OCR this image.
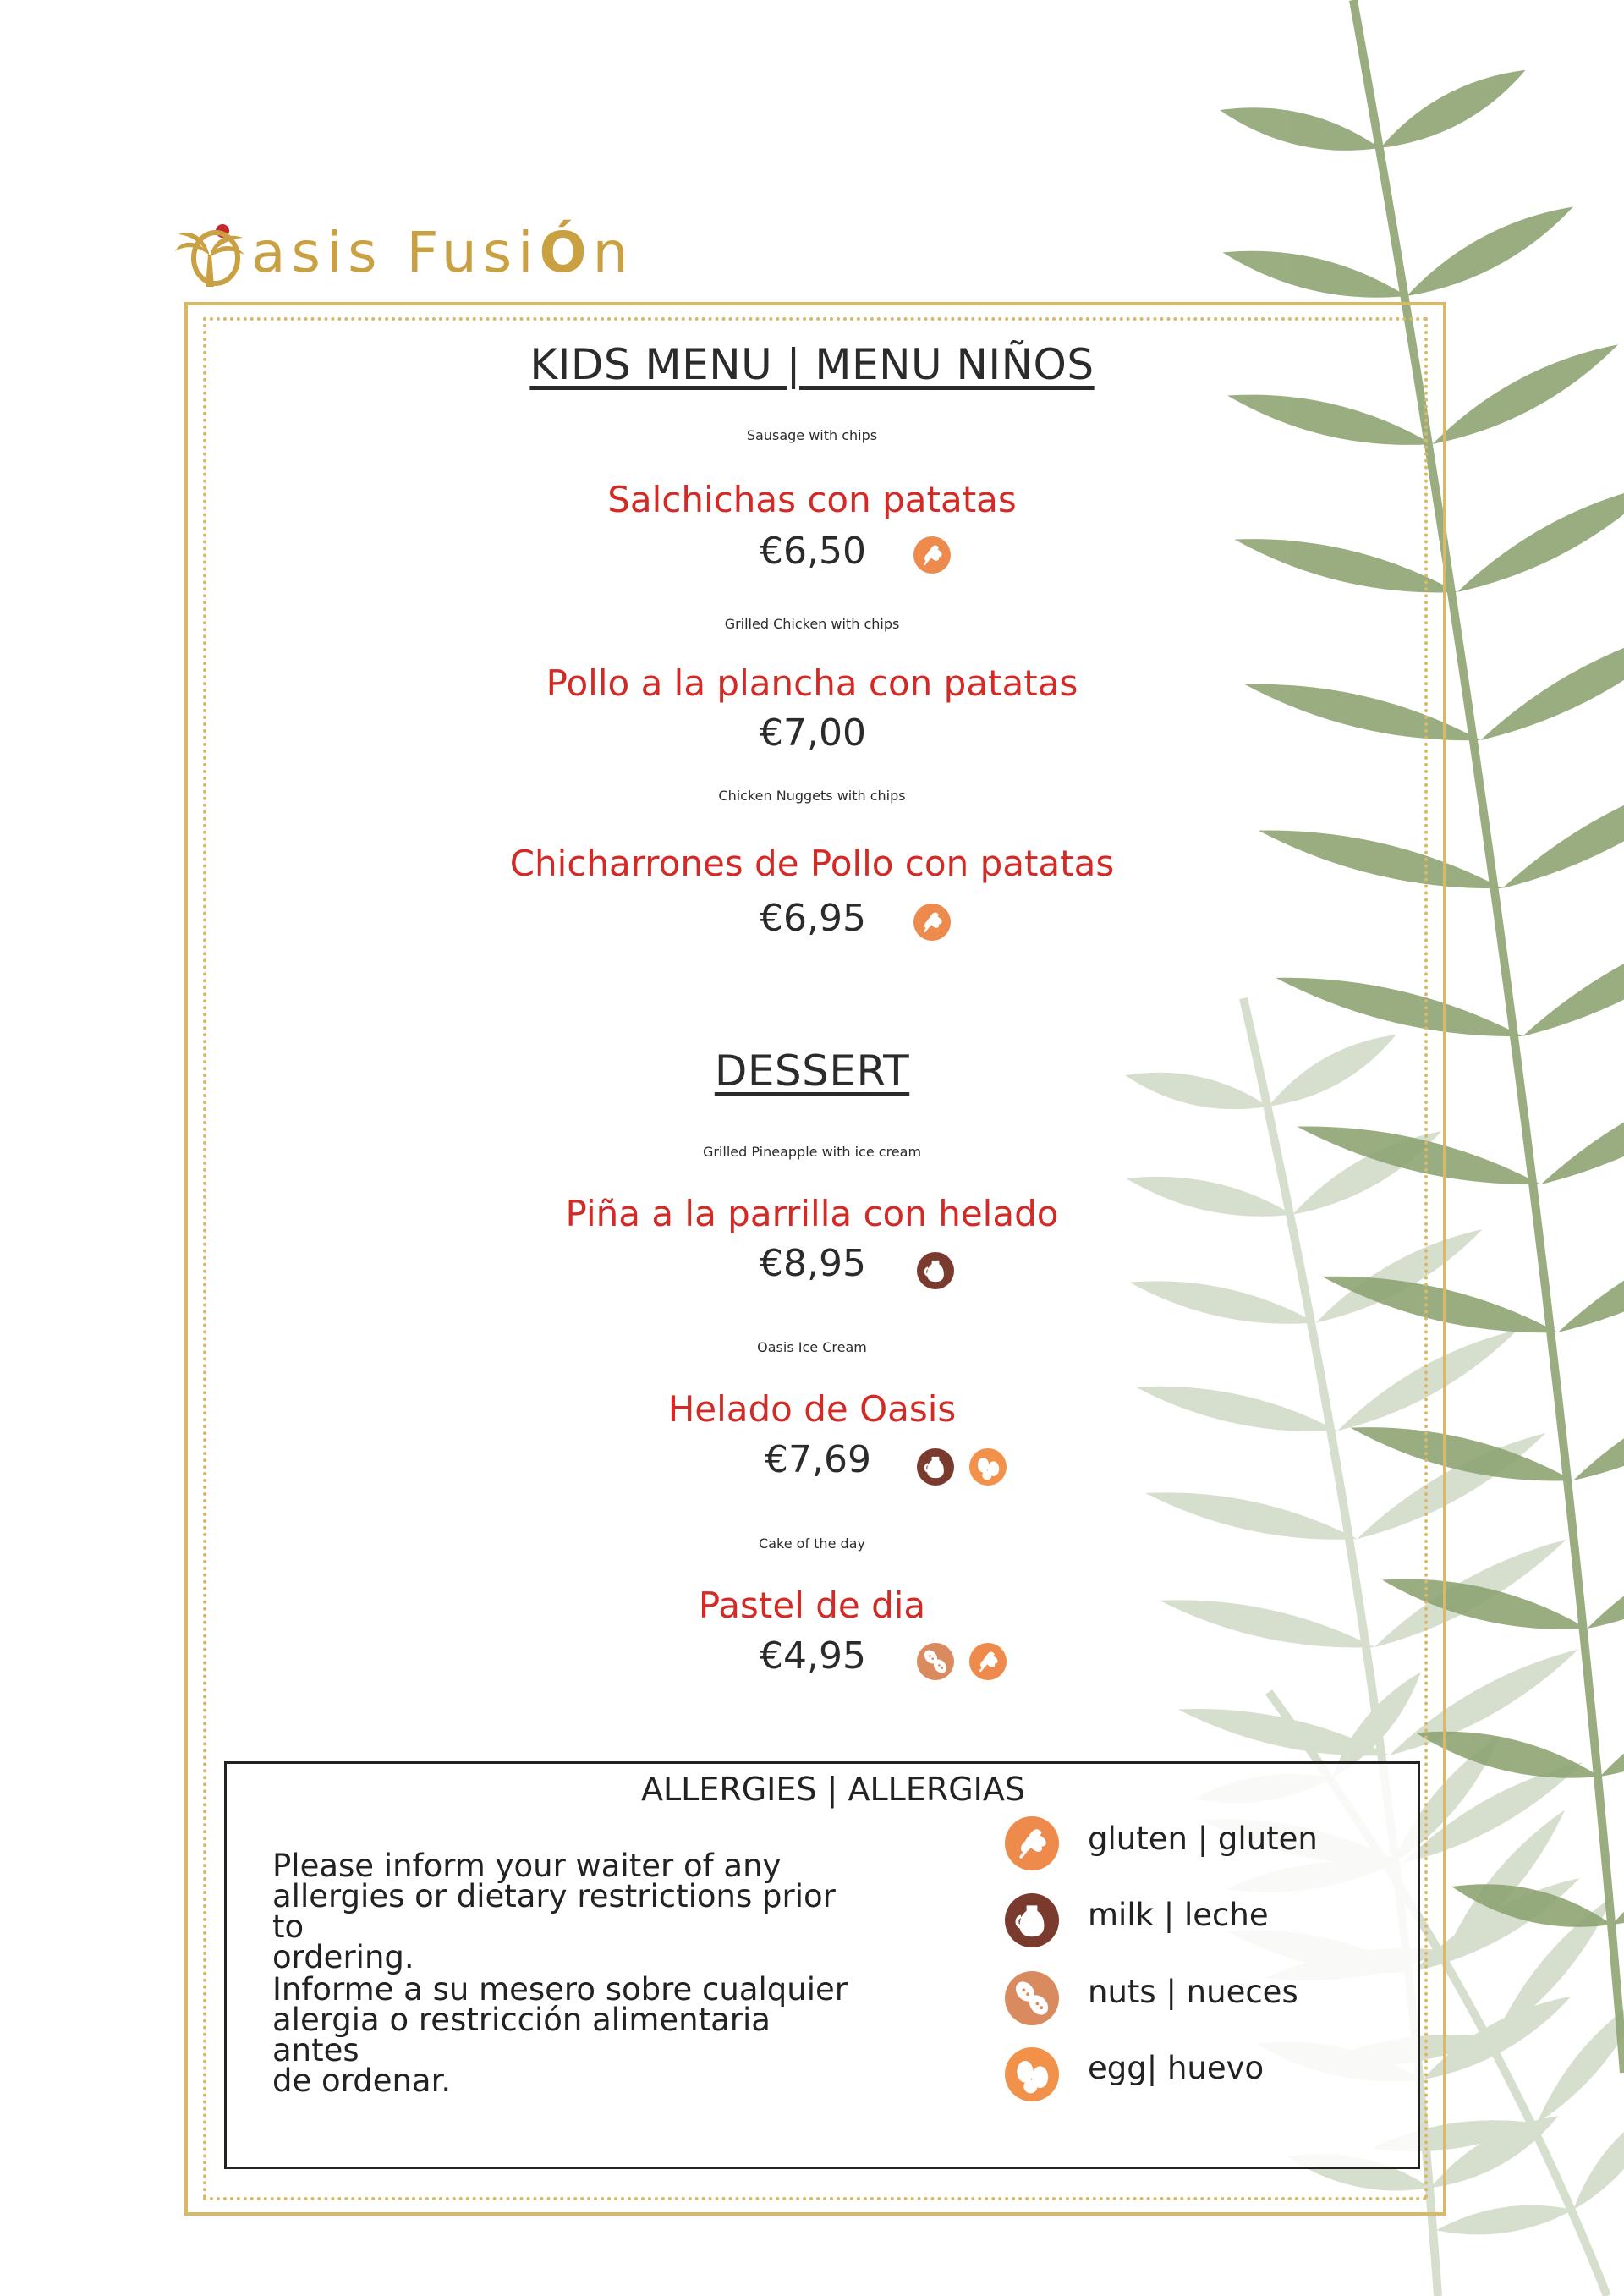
asis FusiÓn
KIDS MENU | MENU NIÑOS
Sausage with chips
Salchichas con patatas
€6,50
Grilled Chicken with chips
Pollo a la plancha con patatas
€7,00
Chicken Nuggets with chips
Chicharrones de Pollo con patatas
€6,95
DESSERT
Grilled Pineapple with ice cream
Piña a la parrilla con helado
€8,95
Oasis Ice Cream
Helado de Oasis
€7,69
Cake of the day
Pastel de dia
€4,95
ALLERGIES | ALLERGIAS
Please inform your waiter of any
allergies or dietary restrictions prior to
ordering.
Informe a su mesero sobre cualquier
alergia o restricción alimentaria antes
de ordenar.
gluten | gluten
milk | leche
nuts | nueces
egg| huevo
